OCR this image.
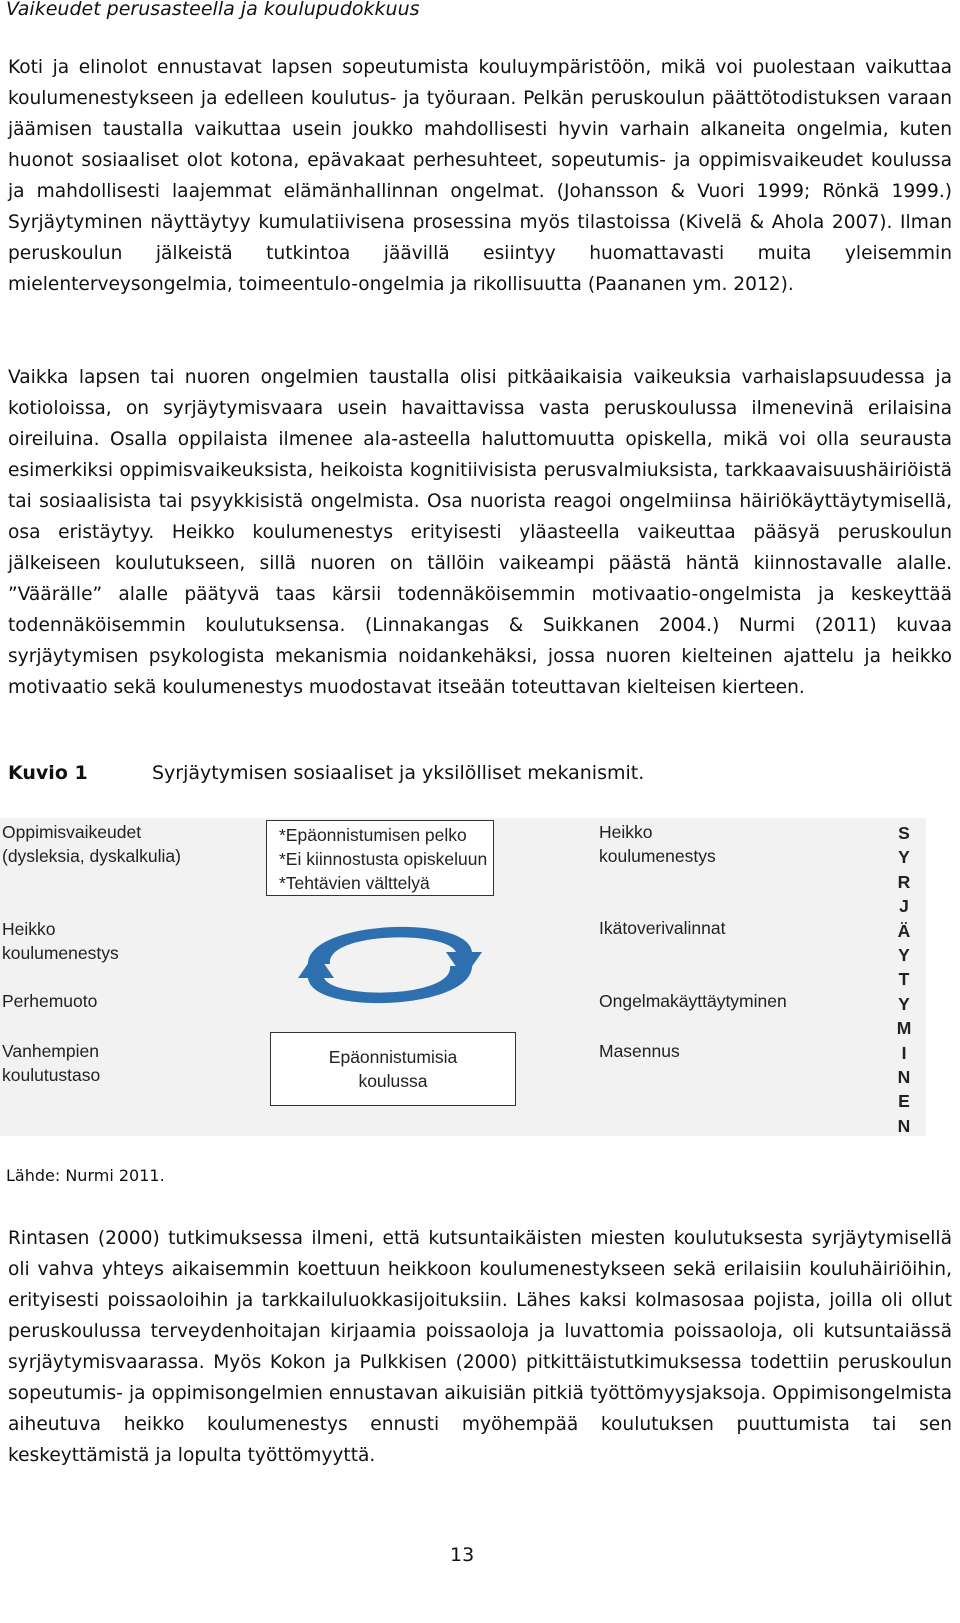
Vaikeudet perusasteella ja koulupudokkuus

Koti ja elinolot ennustavat lapsen sopeutumista kouluympäristöön, mikä voi puolestaan vaikuttaa koulumenestykseen ja edelleen koulutus- ja työuraan. Pelkän peruskoulun päättötodistuksen varaan jäämisen taustalla vaikuttaa usein joukko mahdollisesti hyvin varhain alkaneita ongelmia, kuten huonot sosiaaliset olot kotona, epävakaat perhesuhteet, sopeutumis- ja oppimisvaikeudet koulussa ja mahdollisesti laajemmat elämänhallinnan ongelmat. (Johansson & Vuori 1999; Rönkä 1999.) Syrjäytyminen näyttäytyy kumulatiivisena prosessina myös tilastoissa (Kivelä & Ahola 2007). Ilman peruskoulun jälkeistä tutkintoa jäävillä esiintyy huomattavasti muita yleisemmin mielenterveysongelmia, toimeentulo-ongelmia ja rikollisuutta (Paananen ym. 2012).

Vaikka lapsen tai nuoren ongelmien taustalla olisi pitkäaikaisia vaikeuksia varhaislapsuudessa ja kotioloissa, on syrjäytymisvaara usein havaittavissa vasta peruskoulussa ilmenevinä erilaisina oireiluina. Osalla oppilaista ilmenee ala-asteella haluttomuutta opiskella, mikä voi olla seurausta esimerkiksi oppimisvaikeuksista, heikoista kognitiivisista perusvalmiuksista, tarkkaavaisuushäiriöistä tai sosiaalisista tai psyykkisistä ongelmista. Osa nuorista reagoi ongelmiinsa häiriökäyttäytymisellä, osa eristäytyy. Heikko koulumenestys erityisesti yläasteella vaikeuttaa pääsyä peruskoulun jälkeiseen koulutukseen, sillä nuoren on tällöin vaikeampi päästä häntä kiinnostavalle alalle. ”Väärälle” alalle päätyvä taas kärsii todennäköisemmin motivaatio-ongelmista ja keskeyttää todennäköisemmin koulutuksensa. (Linnakangas & Suikkanen 2004.) Nurmi (2011) kuvaa syrjäytymisen psykologista mekanismia noidankehäksi, jossa nuoren kielteinen ajattelu ja heikko motivaatio sekä koulumenestys muodostavat itseään toteuttavan kielteisen kierteen.

Kuvio 1	Syrjäytymisen sosiaaliset ja yksilölliset mekanismit.
Oppimisvaikeudet
(dysleksia, dyskalkulia)
Heikko
koulumenestys
Perhemuoto
Vanhempien
koulutustaso
*Epäonnistumisen pelko
*Ei kiinnostusta opiskeluun
*Tehtävien välttelyä
Epäonnistumisia
koulussa
Heikko
koulumenestys
Ikätoverivalinnat
Ongelmakäyttäytyminen
Masennus
S
Y
R
J
Ä
Y
T
Y
M
I
N
E
N
Lähde: Nurmi 2011.

Rintasen (2000) tutkimuksessa ilmeni, että kutsuntaikäisten miesten koulutuksesta syrjäytymisellä oli vahva yhteys aikaisemmin koettuun heikkoon koulumenestykseen sekä erilaisiin kouluhäiriöihin, erityisesti poissaoloihin ja tarkkailuluokkasijoituksiin. Lähes kaksi kolmasosaa pojista, joilla oli ollut peruskoulussa terveydenhoitajan kirjaamia poissaoloja ja luvattomia poissaoloja, oli kutsuntaiässä syrjäytymisvaarassa. Myös Kokon ja Pulkkisen (2000) pitkittäistutkimuksessa todettiin peruskoulun sopeutumis- ja oppimisongelmien ennustavan aikuisiän pitkiä työttömyysjaksoja. Oppimisongelmista aiheutuva heikko koulumenestys ennusti myöhempää koulutuksen puuttumista tai sen keskeyttämistä ja lopulta työttömyyttä.

13
